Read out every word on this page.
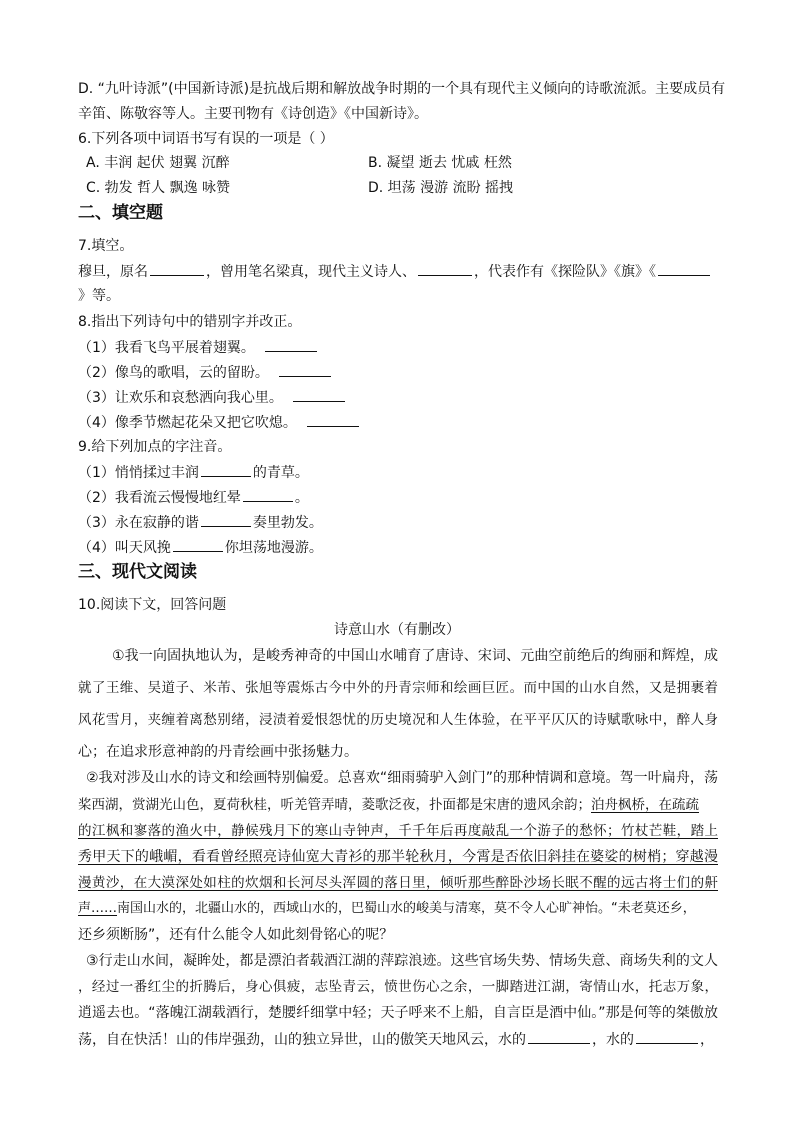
D. “九叶诗派”(中国新诗派)是抗战后期和解放战争时期的一个具有现代主义倾向的诗歌流派。主要成员有
辛笛、陈敬容等人。主要刊物有《诗创造》《中国新诗》。
6.下列各项中词语书写有误的一项是（ ）
A. 丰润 起伏 翅翼 沉醉	B. 凝望 逝去 忧戚 枉然
C. 勃发 哲人 飘逸 咏赞	D. 坦荡 漫游 流盼 摇拽
二、填空题
7.填空。
穆旦，原名	，曾用笔名梁真，现代主义诗人、	，代表作有《探险队》《旗》《
》等。
8.指出下列诗句中的错别字并改正。
（1）我看飞鸟平展着翅翼。
（2）像鸟的歌唱，云的留盼。
（3）让欢乐和哀愁洒向我心里。
（4）像季节燃起花朵又把它吹熄。
9.给下列加点的字注音。
（1）悄悄揉过丰润	的青草。
（2）我看流云慢慢地红晕	。
（3）永在寂静的谐	奏里勃发。
（4）叫天风挽	你坦荡地漫游。
三、现代文阅读
10.阅读下文，回答问题
诗意山水（有删改）
①我一向固执地认为，是峻秀神奇的中国山水哺育了唐诗、宋词、元曲空前绝后的绚丽和辉煌，成
就了王维、吴道子、米芾、张旭等震烁古今中外的丹青宗师和绘画巨匠。而中国的山水自然，又是拥裹着
风花雪月，夹缠着离愁别绪，浸渍着爱恨怨忧的历史境况和人生体验，在平平仄仄的诗赋歌咏中，醉人身
心；在追求形意神韵的丹青绘画中张扬魅力。
②我对涉及山水的诗文和绘画特别偏爱。总喜欢“细雨骑驴入剑门”的那种情调和意境。驾一叶扁舟，荡
桨西湖，赏湖光山色，夏荷秋桂，听羌管弄晴，菱歌泛夜，扑面都是宋唐的遗风余韵；泊舟枫桥，在疏疏
的江枫和寥落的渔火中，静候残月下的寒山寺钟声，千千年后再度敲乱一个游子的愁怀；竹杖芒鞋，踏上
秀甲天下的峨嵋，看看曾经照亮诗仙宽大青衫的那半轮秋月，今霄是否依旧斜挂在婆娑的树梢；穿越漫
漫黄沙，在大漠深处如柱的炊烟和长河尽头浑圆的落日里，倾听那些醉卧沙场长眠不醒的远古将士们的鼾
声……南国山水的，北疆山水的，西域山水的，巴蜀山水的峻美与清寒，莫不令人心旷神怡。“未老莫还乡，
还乡须断肠”，还有什么能令人如此刻骨铭心的呢？
③行走山水间，凝眸处，都是漂泊者载酒江湖的萍踪浪迹。这些官场失势、情场失意、商场失利的文人
，经过一番红尘的折腾后，身心俱疲，志坠青云，愤世伤心之余，一脚踏进江湖，寄情山水，托志万象，
逍遥去也。“落魄江湖载酒行，楚腰纤细掌中轻；天子呼来不上船，自言臣是酒中仙。”那是何等的桀傲放
荡，自在快活！山的伟岸强劲，山的独立异世，山的傲笑天地风云，水的	，水的	，
